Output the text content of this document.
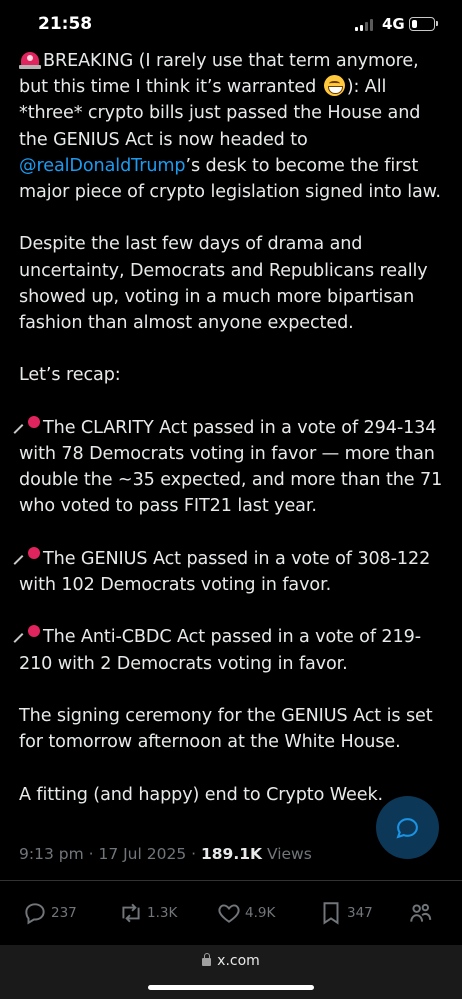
21:58	4G

BREAKING (I rarely use that term anymore, but this time I think it’s warranted ): All *three* crypto bills just passed the House and the GENIUS Act is now headed to @realDonaldTrump’s desk to become the first major piece of crypto legislation signed into law.

Despite the last few days of drama and uncertainty, Democrats and Republicans really showed up, voting in a much more bipartisan fashion than almost anyone expected.

Let’s recap:

The CLARITY Act passed in a vote of 294-134 with 78 Democrats voting in favor — more than double the ~35 expected, and more than the 71 who voted to pass FIT21 last year.

The GENIUS Act passed in a vote of 308-122 with 102 Democrats voting in favor.

The Anti-CBDC Act passed in a vote of 219-210 with 2 Democrats voting in favor.

The signing ceremony for the GENIUS Act is set for tomorrow afternoon at the White House.

A fitting (and happy) end to Crypto Week.

9:13 pm · 17 Jul 2025 · 189.1K Views
237	1.3K	4.9K	347
x.com
